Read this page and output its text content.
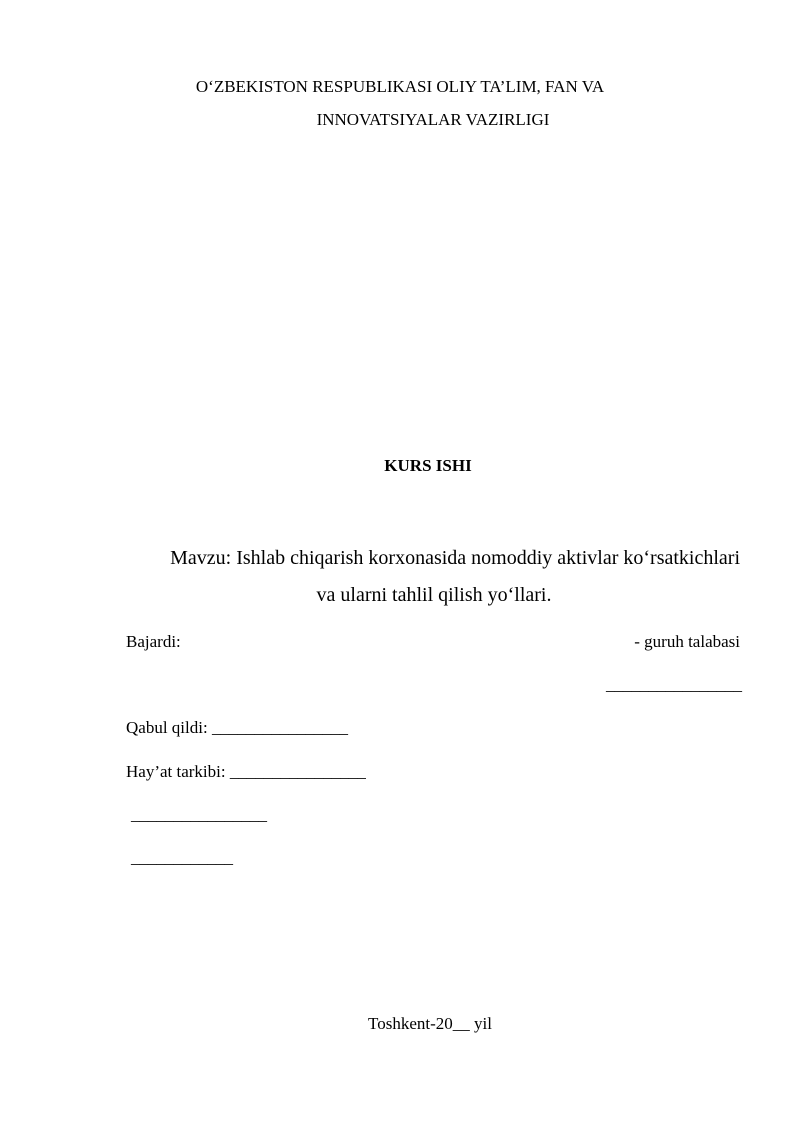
O‘ZBEKISTON RESPUBLIKASI OLIY TA’LIM, FAN VA
INNOVATSIYALAR VAZIRLIGI
KURS ISHI
Mavzu: Ishlab chiqarish korxonasida nomoddiy aktivlar ko‘rsatkichlari
va ularni tahlil qilish yo‘llari.
Bajardi:	- guruh talabasi
________________
Qabul qildi: ________________
Hay’at tarkibi: ________________
________________
____________
Toshkent-20__ yil
